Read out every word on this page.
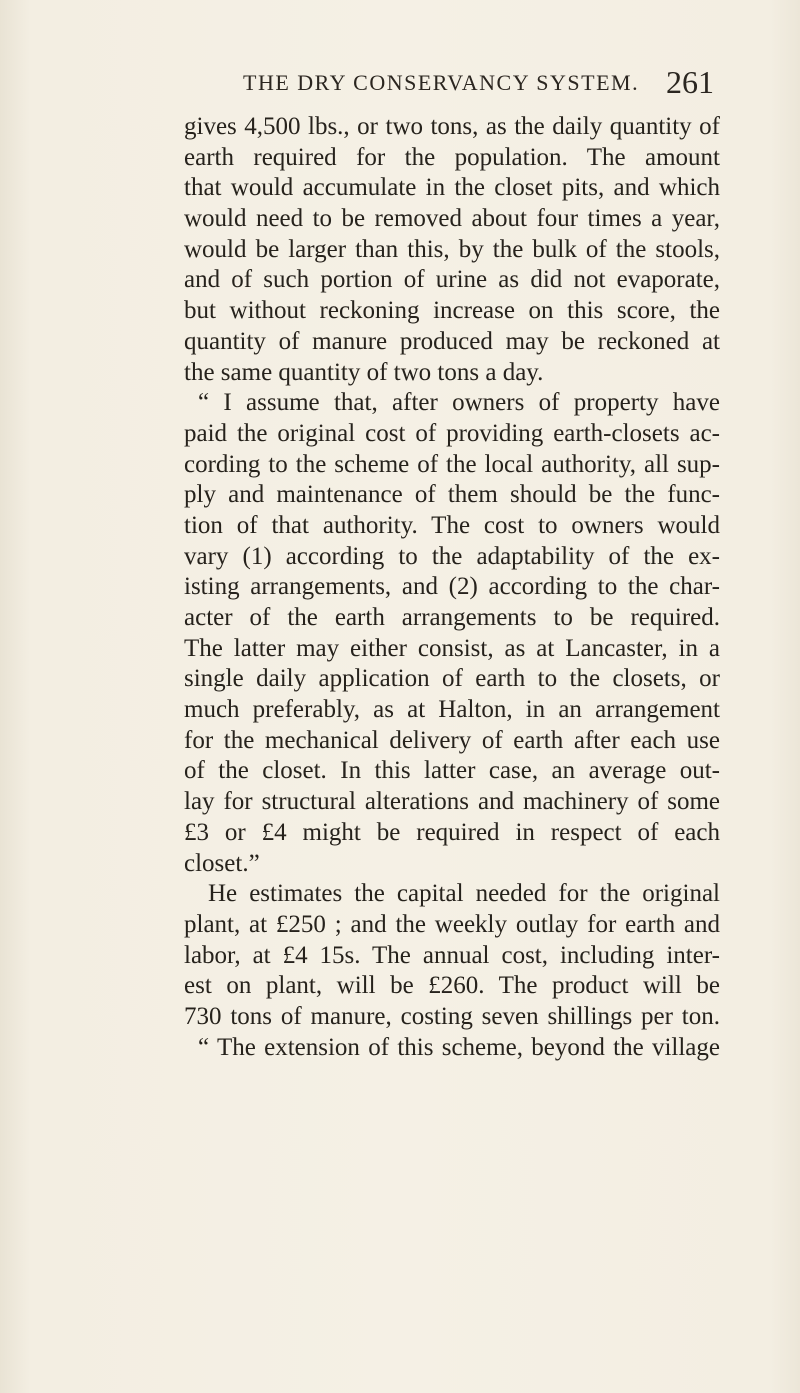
THE DRY CONSERVANCY SYSTEM. 261
gives 4,500 lbs., or two tons, as the daily quantity of
earth required for the population. The amount
that would accumulate in the closet pits, and which
would need to be removed about four times a year,
would be larger than this, by the bulk of the stools,
and of such portion of urine as did not evaporate,
but without reckoning increase on this score, the
quantity of manure produced may be reckoned at
the same quantity of two tons a day.
“ I assume that, after owners of property have
paid the original cost of providing earth-closets ac-
cording to the scheme of the local authority, all sup-
ply and maintenance of them should be the func-
tion of that authority. The cost to owners would
vary (1) according to the adaptability of the ex-
isting arrangements, and (2) according to the char-
acter of the earth arrangements to be required.
The latter may either consist, as at Lancaster, in a
single daily application of earth to the closets, or
much preferably, as at Halton, in an arrangement
for the mechanical delivery of earth after each use
of the closet. In this latter case, an average out-
lay for structural alterations and machinery of some
£3 or £4 might be required in respect of each
closet.”
He estimates the capital needed for the original
plant, at £250 ; and the weekly outlay for earth and
labor, at £4 15s. The annual cost, including inter-
est on plant, will be £260. The product will be
730 tons of manure, costing seven shillings per ton.
“ The extension of this scheme, beyond the village
